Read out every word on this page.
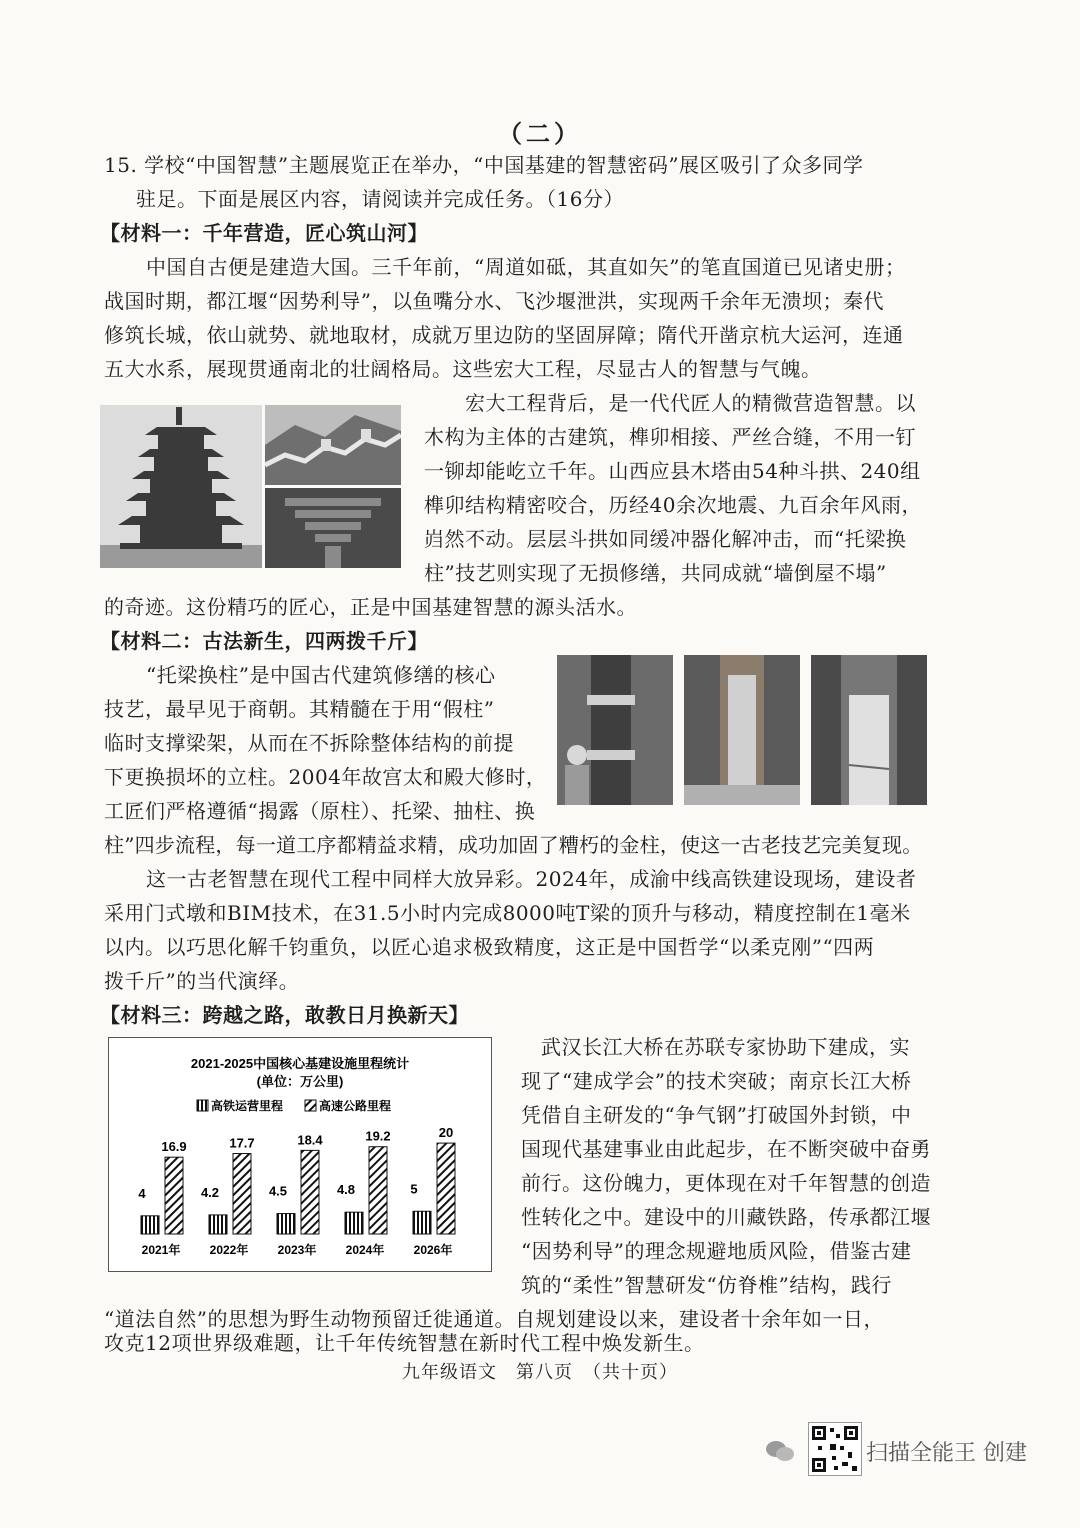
（二）
15. 学校“中国智慧”主题展览正在举办，“中国基建的智慧密码”展区吸引了众多同学
驻足。下面是展区内容，请阅读并完成任务。（16分）
【材料一：千年营造，匠心筑山河】
中国自古便是建造大国。三千年前，“周道如砥，其直如矢”的笔直国道已见诸史册；
战国时期，都江堰“因势利导”，以鱼嘴分水、飞沙堰泄洪，实现两千余年无溃坝；秦代
修筑长城，依山就势、就地取材，成就万里边防的坚固屏障；隋代开凿京杭大运河，连通
五大水系，展现贯通南北的壮阔格局。这些宏大工程，尽显古人的智慧与气魄。
宏大工程背后，是一代代匠人的精微营造智慧。以
木构为主体的古建筑，榫卯相接、严丝合缝，不用一钉
一铆却能屹立千年。山西应县木塔由54种斗拱、240组
榫卯结构精密咬合，历经40余次地震、九百余年风雨，
岿然不动。层层斗拱如同缓冲器化解冲击，而“托梁换
柱”技艺则实现了无损修缮，共同成就“墙倒屋不塌”
的奇迹。这份精巧的匠心，正是中国基建智慧的源头活水。
【材料二：古法新生，四两拨千斤】
“托梁换柱”是中国古代建筑修缮的核心
技艺，最早见于商朝。其精髓在于用“假柱”
临时支撑梁架，从而在不拆除整体结构的前提
下更换损坏的立柱。2004年故宫太和殿大修时，
工匠们严格遵循“揭露（原柱）、托梁、抽柱、换
柱”四步流程，每一道工序都精益求精，成功加固了糟朽的金柱，使这一古老技艺完美复现。
这一古老智慧在现代工程中同样大放异彩。2024年，成渝中线高铁建设现场，建设者
采用门式墩和BIM技术，在31.5小时内完成8000吨T梁的顶升与移动，精度控制在1毫米
以内。以巧思化解千钧重负，以匠心追求极致精度，这正是中国哲学“以柔克刚”“四两
拨千斤”的当代演绎。
【材料三：跨越之路，敢教日月换新天】
2021-2025中国核心基建设施里程统计
(单位：万公里)
高铁运营里程	高速公路里程
4
16.9
2021年
4.2
17.7
2022年
4.5
18.4
2023年
4.8
19.2
2024年
5
20
2026年
武汉长江大桥在苏联专家协助下建成，实
现了“建成学会”的技术突破；南京长江大桥
凭借自主研发的“争气钢”打破国外封锁，中
国现代基建事业由此起步，在不断突破中奋勇
前行。这份魄力，更体现在对千年智慧的创造
性转化之中。建设中的川藏铁路，传承都江堰
“因势利导”的理念规避地质风险，借鉴古建
筑的“柔性”智慧研发“仿脊椎”结构，践行
“道法自然”的思想为野生动物预留迁徙通道。自规划建设以来，建设者十余年如一日，
攻克12项世界级难题，让千年传统智慧在新时代工程中焕发新生。
九年级语文　第八页　（共十页）
扫描全能王 创建
